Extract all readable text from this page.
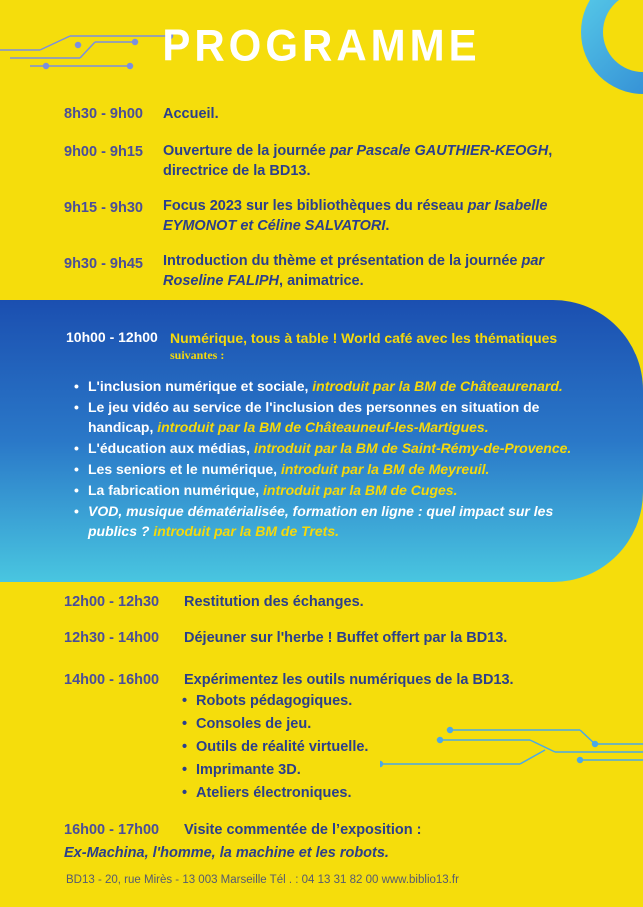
PROGRAMME
8h30 - 9h00 Accueil.
9h00 - 9h15 Ouverture de la journée par Pascale GAUTHIER-KEOGH, directrice de la BD13.
9h15 - 9h30 Focus 2023 sur les bibliothèques du réseau par Isabelle EYMONOT et Céline SALVATORI.
9h30 - 9h45 Introduction du thème et présentation de la journée par Roseline FALIPH, animatrice.
10h00 - 12h00 Numérique, tous à table ! World café avec les thématiques
suivantes :
• L'inclusion numérique et sociale, introduit par la BM de Châteaurenard.
• Le jeu vidéo au service de l'inclusion des personnes en situation de handicap, introduit par la BM de Châteauneuf-les-Martigues.
• L'éducation aux médias, introduit par la BM de Saint-Rémy-de-Provence.
• Les seniors et le numérique, introduit par la BM de Meyreuil.
• La fabrication numérique, introduit par la BM de Cuges.
• VOD, musique dématérialisée, formation en ligne : quel impact sur les publics ? introduit par la BM de Trets.
12h00 - 12h30 Restitution des échanges.
12h30 - 14h00 Déjeuner sur l'herbe ! Buffet offert par la BD13.
14h00 - 16h00 Expérimentez les outils numériques de la BD13.
• Robots pédagogiques.
• Consoles de jeu.
• Outils de réalité virtuelle.
• Imprimante 3D.
• Ateliers électroniques.
16h00 - 17h00 Visite commentée de l’exposition :
Ex-Machina, l'homme, la machine et les robots.
BD13 - 20, rue Mirès - 13 003 Marseille Tél . : 04 13 31 82 00 www.biblio13.fr
